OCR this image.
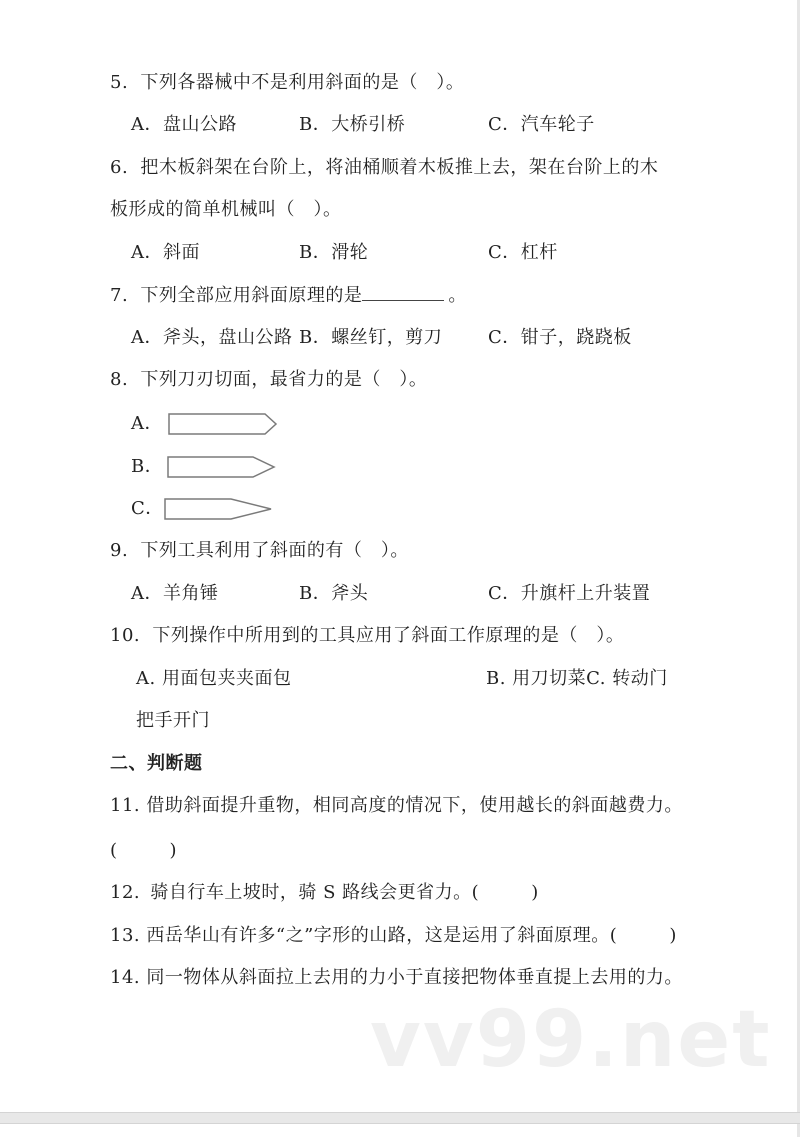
5. 下列各器械中不是利用斜面的是（　）。
A．盘山公路	B．大桥引桥	C．汽车轮子
6. 把木板斜架在台阶上，将油桶顺着木板推上去，架在台阶上的木
板形成的简单机械叫（　）。
A．斜面	B．滑轮	C．杠杆
7. 下列全部应用斜面原理的是	。
A．斧头，盘山公路 B．螺丝钉，剪刀	C．钳子，跷跷板
8. 下列刀刃切面，最省力的是（　）。
A．
B．
C．
9. 下列工具利用了斜面的有（　）。
A．羊角锤	B．斧头	C．升旗杆上升装置
10. 下列操作中所用到的工具应用了斜面工作原理的是（　）。
A. 用面包夹夹面包	B. 用刀切菜C. 转动门
把手开门
二、判断题
11. 借助斜面提升重物，相同高度的情况下，使用越长的斜面越费力。
(	)
12. 骑自行车上坡时，骑 S 路线会更省力。(	)
13. 西岳华山有许多“之”字形的山路，这是运用了斜面原理。(	)
14. 同一物体从斜面拉上去用的力小于直接把物体垂直提上去用的力。
vv99.net
